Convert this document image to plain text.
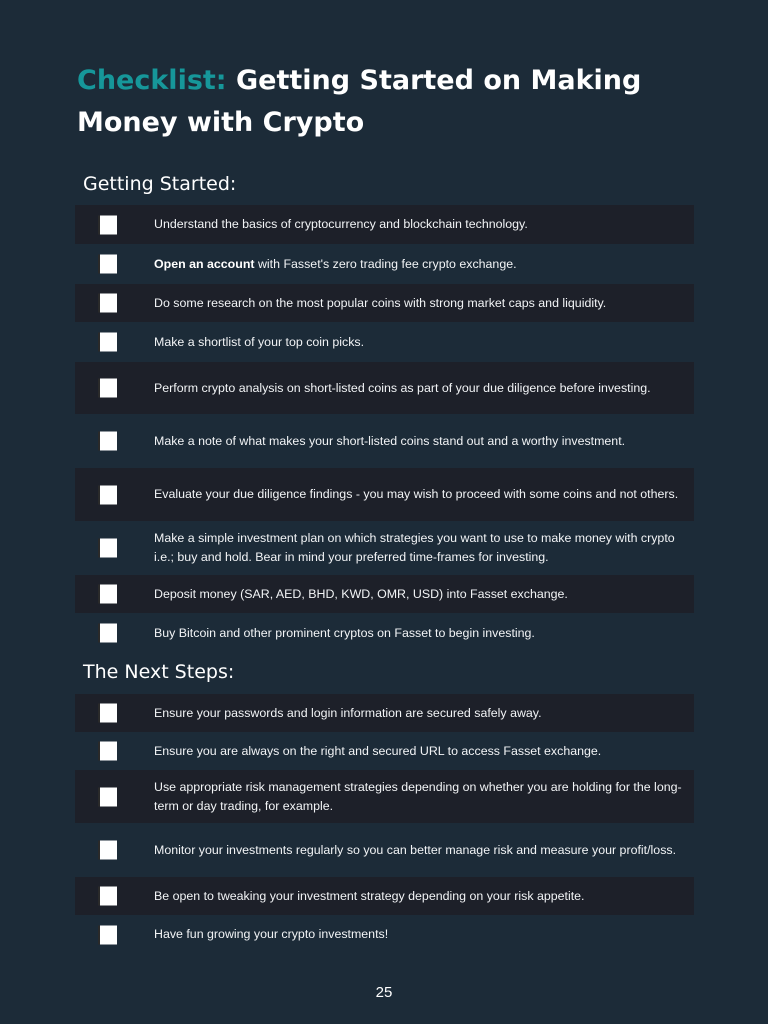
Checklist: Getting Started on Making Money with Crypto
Getting Started:
Understand the basics of cryptocurrency and blockchain technology.
Open an account with Fasset's zero trading fee crypto exchange.
Do some research on the most popular coins with strong market caps and liquidity.
Make a shortlist of your top coin picks.
Perform crypto analysis on short-listed coins as part of your due diligence before investing.
Make a note of what makes your short-listed coins stand out and a worthy investment.
Evaluate your due diligence findings - you may wish to proceed with some coins and not others.
Make a simple investment plan on which strategies you want to use to make money with crypto i.e.; buy and hold. Bear in mind your preferred time-frames for investing.
Deposit money (SAR, AED, BHD, KWD, OMR, USD) into Fasset exchange.
Buy Bitcoin and other prominent cryptos on Fasset to begin investing.
The Next Steps:
Ensure your passwords and login information are secured safely away.
Ensure you are always on the right and secured URL to access Fasset exchange.
Use appropriate risk management strategies depending on whether you are holding for the long-term or day trading, for example.
Monitor your investments regularly so you can better manage risk and measure your profit/loss.
Be open to tweaking your investment strategy depending on your risk appetite.
Have fun growing your crypto investments!
25
